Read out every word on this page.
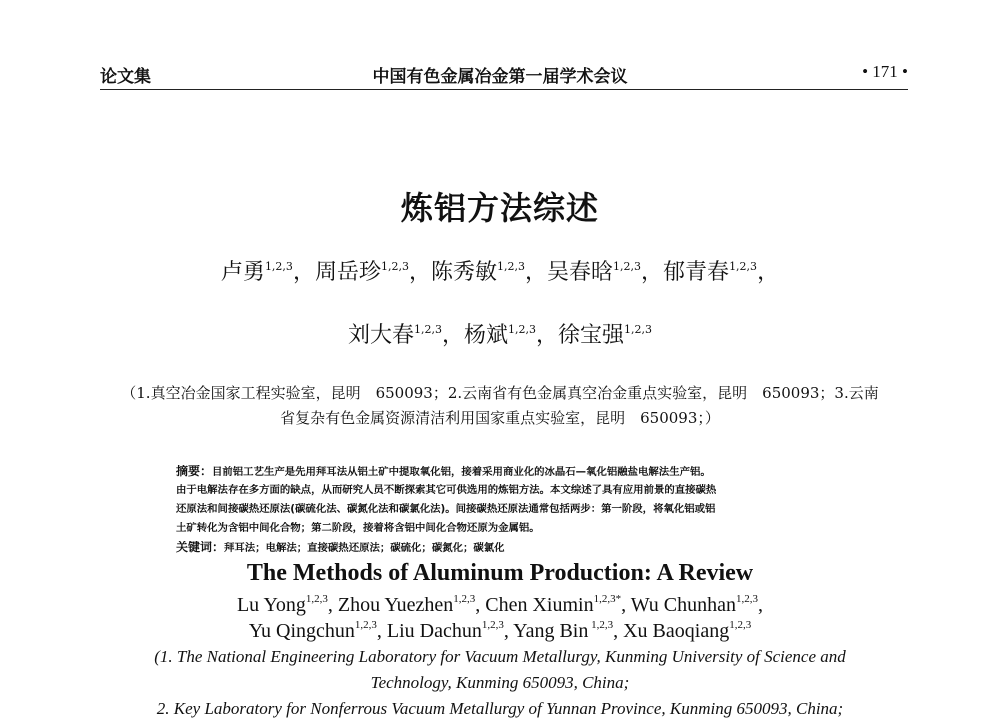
论文集	中国有色金属冶金第一届学术会议	• 171 •
炼铝方法综述
卢勇$^{1,2,3}$，周岳珍$^{1,2,3}$，陈秀敏$^{1,2,3}$，吴春晗$^{1,2,3}$，郁青春$^{1,2,3}$，
刘大春$^{1,2,3}$，杨斌$^{1,2,3}$，徐宝强$^{1,2,3}$
（1.真空冶金国家工程实验室，昆明　650093；2.云南省有色金属真空冶金重点实验室，昆明　650093；3.云南
省复杂有色金属资源清洁利用国家重点实验室，昆明　650093；）
摘要：目前铝工艺生产是先用拜耳法从铝土矿中提取氧化铝，接着采用商业化的冰晶石—氧化铝融盐电解法生产铝。
由于电解法存在多方面的缺点，从而研究人员不断探索其它可供选用的炼铝方法。本文综述了具有应用前景的直接碳热
还原法和间接碳热还原法(碳硫化法、碳氮化法和碳氯化法)。间接碳热还原法通常包括两步：第一阶段，将氧化铝或铝
土矿转化为含铝中间化合物；第二阶段，接着将含铝中间化合物还原为金属铝。
关键词：拜耳法；电解法；直接碳热还原法；碳硫化；碳氮化；碳氯化
The Methods of Aluminum Production: A Review
Lu Yong$^{1,2,3}$, Zhou Yuezhen$^{1,2,3}$, Chen Xiumin$^{1,2,3*}$, Wu Chunhan$^{1,2,3}$,
Yu Qingchun$^{1,2,3}$, Liu Dachun$^{1,2,3}$, Yang Bin $^{1,2,3}$, Xu Baoqiang$^{1,2,3}$
(1. The National Engineering Laboratory for Vacuum Metallurgy, Kunming University of Science and
Technology, Kunming 650093, China;
2. Key Laboratory for Nonferrous Vacuum Metallurgy of Yunnan Province, Kunming 650093, China;
